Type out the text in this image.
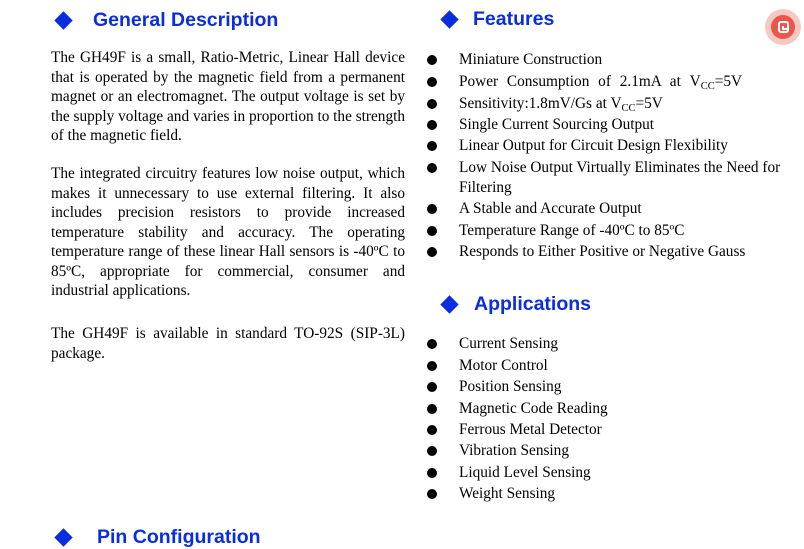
General Description

The GH49F is a small, Ratio-Metric, Linear Hall device that is operated by the magnetic field from a permanent magnet or an electromagnet. The output voltage is set by the supply voltage and varies in proportion to the strength of the magnetic field.

The integrated circuitry features low noise output, which makes it unnecessary to use external filtering. It also includes precision resistors to provide increased temperature stability and accuracy. The operating temperature range of these linear Hall sensors is -40ºC to 85ºC, appropriate for commercial, consumer and industrial applications.

The GH49F is available in standard TO-92S (SIP-3L) package.

Features
Miniature Construction
Power Consumption of 2.1mA at $V_{CC}=5V$
Sensitivity:1.8mV/Gs at $V_{CC}=5V$
Single Current Sourcing Output
Linear Output for Circuit Design Flexibility
Low Noise Output Virtually Eliminates the Need for Filtering
A Stable and Accurate Output
Temperature Range of -40ºC to 85ºC
Responds to Either Positive or Negative Gauss
Applications
Current Sensing
Motor Control
Position Sensing
Magnetic Code Reading
Ferrous Metal Detector
Vibration Sensing
Liquid Level Sensing
Weight Sensing
Pin Configuration
